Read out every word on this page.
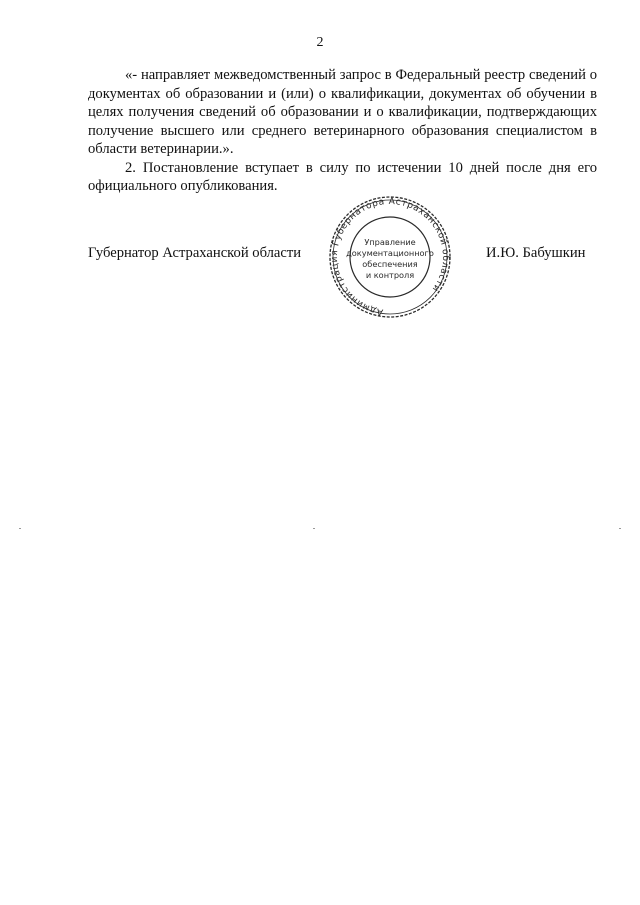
2

«- направляет межведомственный запрос в Федеральный реестр сведений о документах об образовании и (или) о квалификации, документах об обучении в целях получения сведений об образовании и о квалификации, подтверждающих получение высшего или среднего ветеринарного образования специалистом в области ветеринарии.».

2. Постановление вступает в силу по истечении 10 дней после дня его официального опубликования.

Губернатор Астраханской области
Администрация Губернатора Астраханской области
Управление
документационного
обеспечения
и контроля
И.Ю. Бабушкин
